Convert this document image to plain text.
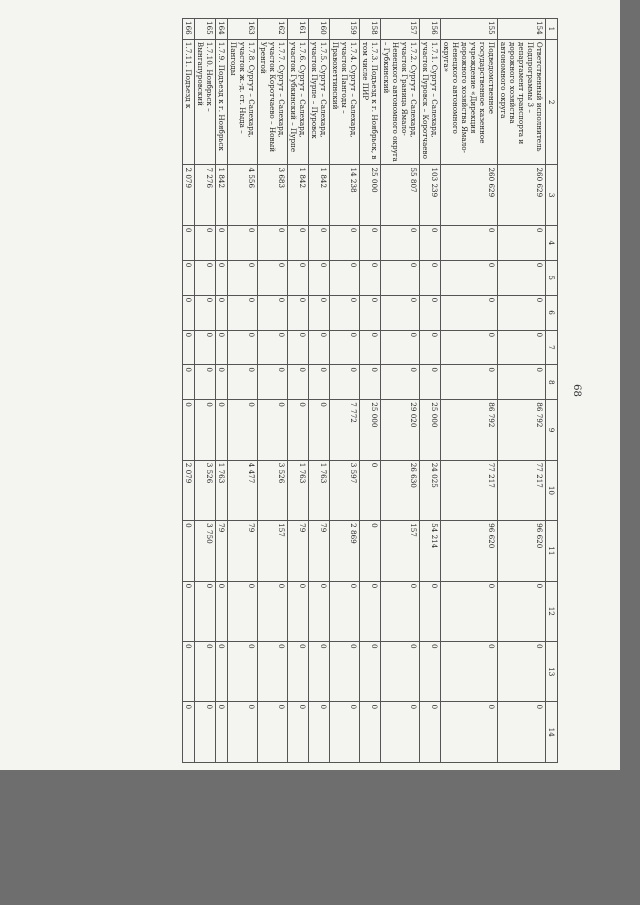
68
1	2	3	4	5	6	7	8	9	10	11	12	13	14
154	Ответственный исполнитель Подпрограммы 3 – департамент транспорта и дорожного хозяйства автономного округа	260 629	0	0	0	0	0	86 792	77 217	96 620	0	0	0
155	Подведомственное государственное казенное учреждение «Дирекция дорожного хозяйства Ямало-Ненецкого автономного округа»	260 629	0	0	0	0	0	86 792	77 217	96 620	0	0	0
156	1.7.1. Сургут – Салехард, участок Пуровск – Коротчаево	103 239	0	0	0	0	0	25 000	24 025	54 214	0	0	0
157	1.7.2. Сургут – Салехард, участок Граница Ямало-Ненецкого автономного округа – Губкинский	55 807	0	0	0	0	0	29 020	26 630	157	0	0	0
158	1.7.3. Подъезд к г. Ноябрьск, в том числе ПИР	25 000	0	0	0	0	0	25 000	0	0	0	0	0
159	1.7.4. Сургут – Салехард, участок Пангоды – Правохеттинский	14 238	0	0	0	0	0	7 772	3 597	2 869	0	0	0
160	1.7.5. Сургут – Салехард, участок Пурпе – Пуровск	1 842	0	0	0	0	0	0	1 763	79	0	0	0
161	1.7.6. Сургут – Салехард, участок Губкинский – Пурпе	1 842	0	0	0	0	0	0	1 763	79	0	0	0
162	1.7.7. Сургут – Салехард, участок Коротчаево – Новый Уренгой	3 683	0	0	0	0	0	0	3 526	157	0	0	0
163	1.7.8. Сургут – Салехард, участок ж.-д. ст. Ныда – Пангоды	4 556	0	0	0	0	0	0	4 477	79	0	0	0
164	1.7.9. Подъезд к г. Ноябрьск	1 842	0	0	0	0	0	0	1 763	79	0	0	0
165	1.7.10. Ноябрьск – Вынгапуровский	7 276	0	0	0	0	0	0	3 526	3 750	0	0	0
166	1.7.11. Подъезд к	2 079	0	0	0	0	0	0	2 079	0	0	0	0
